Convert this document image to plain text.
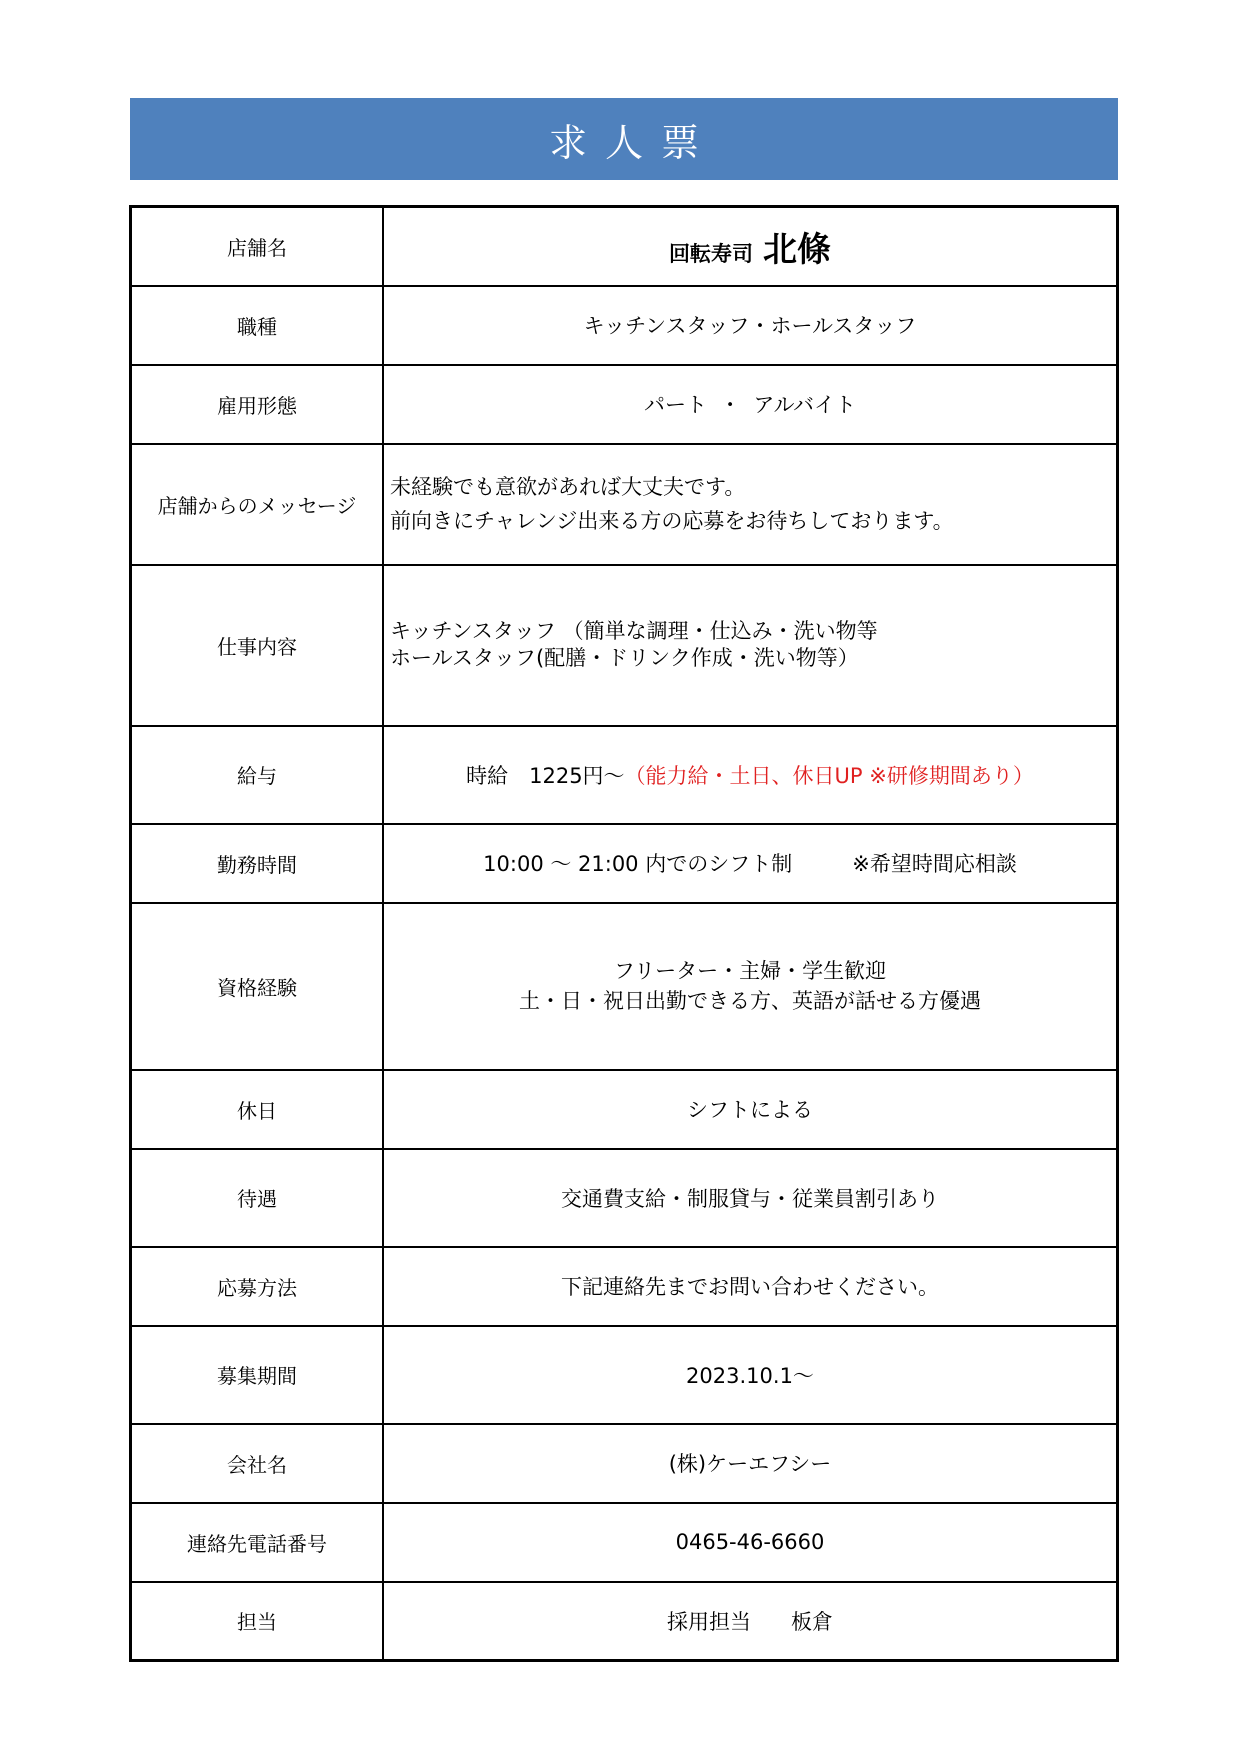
求人票
店舗名	回転寿司 北條
職種	キッチンスタッフ・ホールスタッフ
雇用形態	パート ・ アルバイト
店舗からのメッセージ	未経験でも意欲があれば大丈夫です。
前向きにチャレンジ出来る方の応募をお待ちしております。

仕事内容	キッチンスタッフ （簡単な調理・仕込み・洗い物等
ホールスタッフ(配膳・ドリンク作成・洗い物等）

給与	時給　1225円～（能力給・土日、休日UP ※研修期間あり）
勤務時間	10:00 ～ 21:00 内でのシフト制 ※希望時間応相談
資格経験	フリーター・主婦・学生歓迎
土・日・祝日出勤できる方、英語が話せる方優遇

休日	シフトによる
待遇	交通費支給・制服貸与・従業員割引あり
応募方法	下記連絡先までお問い合わせください。
募集期間	2023.10.1～
会社名	(株)ケーエフシー
連絡先電話番号	0465-46-6660
担当	採用担当 板倉
